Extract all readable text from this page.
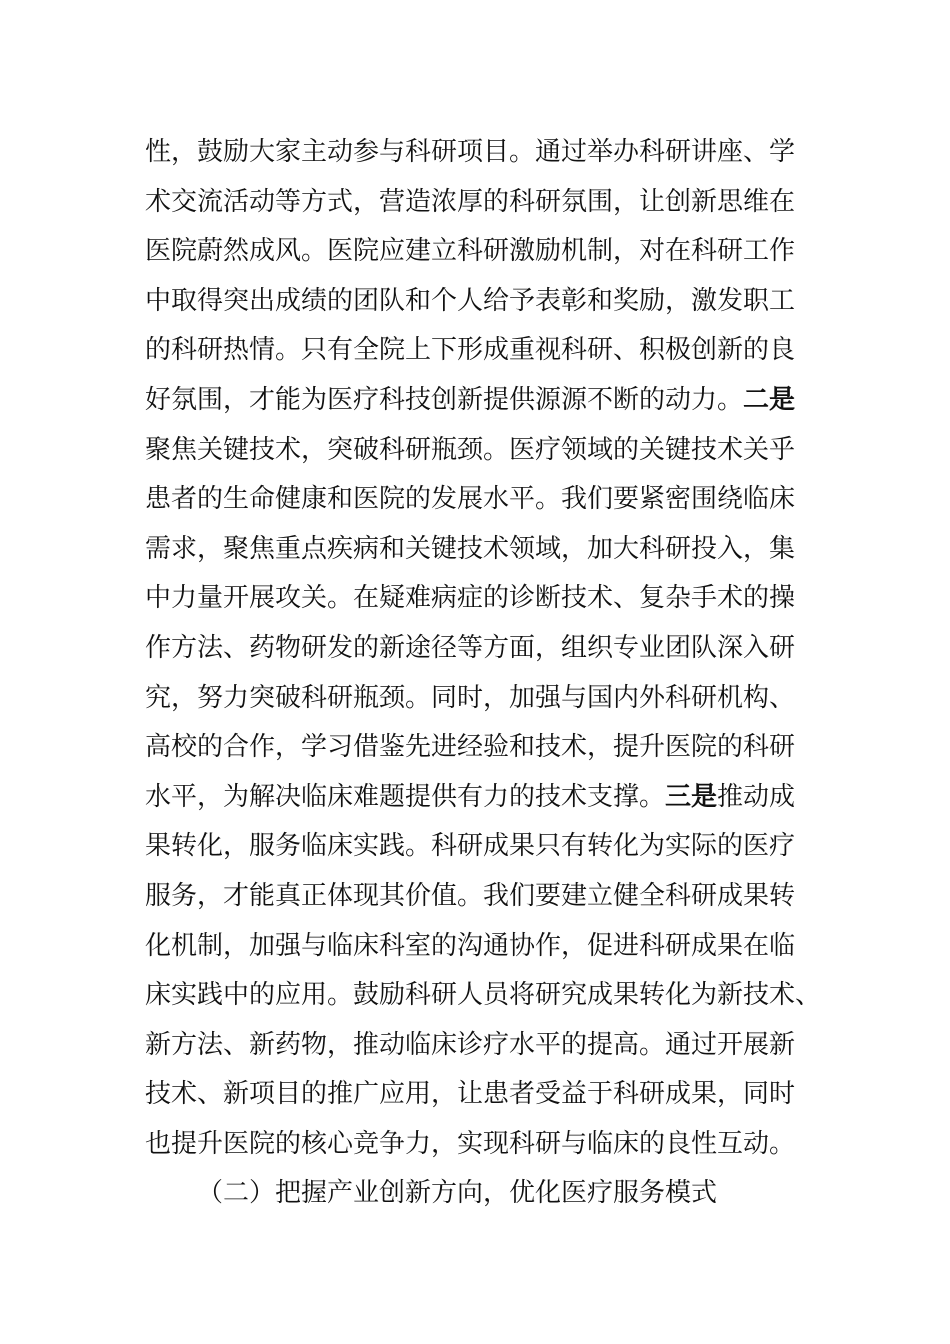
性，鼓励大家主动参与科研项目。通过举办科研讲座、学
术交流活动等方式，营造浓厚的科研氛围，让创新思维在
医院蔚然成风。医院应建立科研激励机制，对在科研工作
中取得突出成绩的团队和个人给予表彰和奖励，激发职工
的科研热情。只有全院上下形成重视科研、积极创新的良
好氛围，才能为医疗科技创新提供源源不断的动力。二是
聚焦关键技术，突破科研瓶颈。医疗领域的关键技术关乎
患者的生命健康和医院的发展水平。我们要紧密围绕临床
需求，聚焦重点疾病和关键技术领域，加大科研投入，集
中力量开展攻关。在疑难病症的诊断技术、复杂手术的操
作方法、药物研发的新途径等方面，组织专业团队深入研
究，努力突破科研瓶颈。同时，加强与国内外科研机构、
高校的合作，学习借鉴先进经验和技术，提升医院的科研
水平，为解决临床难题提供有力的技术支撑。三是推动成
果转化，服务临床实践。科研成果只有转化为实际的医疗
服务，才能真正体现其价值。我们要建立健全科研成果转
化机制，加强与临床科室的沟通协作，促进科研成果在临
床实践中的应用。鼓励科研人员将研究成果转化为新技术、
新方法、新药物，推动临床诊疗水平的提高。通过开展新
技术、新项目的推广应用，让患者受益于科研成果，同时
也提升医院的核心竞争力，实现科研与临床的良性互动。
（二）把握产业创新方向，优化医疗服务模式
